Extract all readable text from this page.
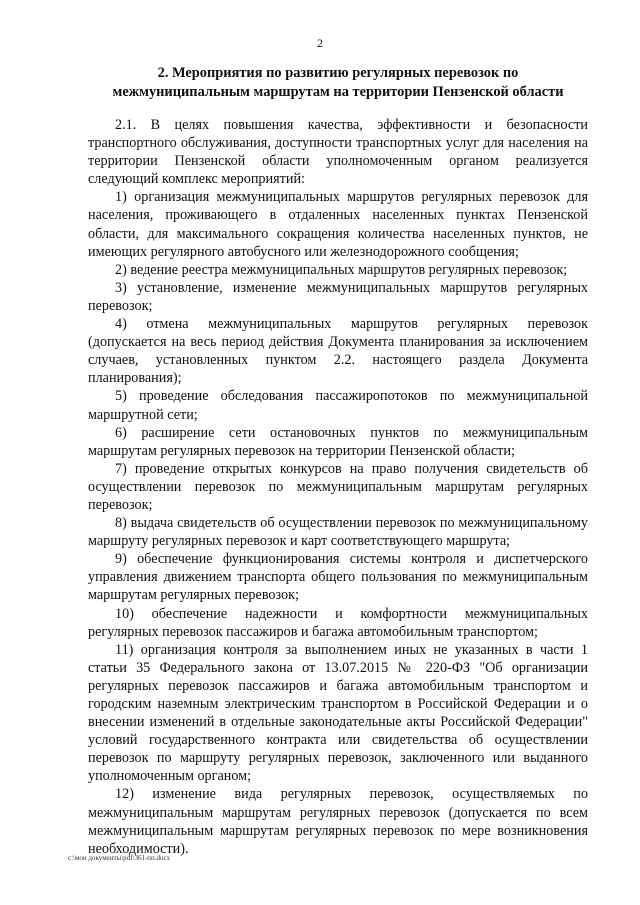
2
2. Мероприятия по развитию регулярных перевозок по
межмуниципальным маршрутам на территории Пензенской области

2.1. В целях повышения качества, эффективности и безопасности транспортного обслуживания, доступности транспортных услуг для населения на территории Пензенской области уполномоченным органом реализуется следующий комплекс мероприятий:

1) организация межмуниципальных маршрутов регулярных перевозок для населения, проживающего в отдаленных населенных пунктах Пензенской области, для максимального сокращения количества населенных пунктов, не имеющих регулярного автобусного или железнодорожного сообщения;

2) ведение реестра межмуниципальных маршрутов регулярных перевозок;

3) установление, изменение межмуниципальных маршрутов регулярных перевозок;

4) отмена межмуниципальных маршрутов регулярных перевозок (допускается на весь период действия Документа планирования за исключением случаев, установленных пунктом 2.2. настоящего раздела Документа планирования);

5) проведение обследования пассажиропотоков по межмуниципальной маршрутной сети;

6) расширение сети остановочных пунктов по межмуниципальным маршрутам регулярных перевозок на территории Пензенской области;

7) проведение открытых конкурсов на право получения свидетельств об осуществлении перевозок по межмуниципальным маршрутам регулярных перевозок;

8) выдача свидетельств об осуществлении перевозок по межмуниципальному маршруту регулярных перевозок и карт соответствующего маршрута;

9) обеспечение функционирования системы контроля и диспетчерского управления движением транспорта общего пользования по межмуниципальным маршрутам регулярных перевозок;

10) обеспечение надежности и комфортности межмуниципальных регулярных перевозок пассажиров и багажа автомобильным транспортом;

11) организация контроля за выполнением иных не указанных в части 1 статьи 35 Федерального закона от 13.07.2015 № 220-ФЗ "Об организации регулярных перевозок пассажиров и багажа автомобильным транспортом и городским наземным электрическим транспортом в Российской Федерации и о внесении изменений в отдельные законодательные акты Российской Федерации" условий государственного контракта или свидетельства об осуществлении перевозок по маршруту регулярных перевозок, заключенного или выданного уполномоченным органом;

12) изменение вида регулярных перевозок, осуществляемых по межмуниципальным маршрутам регулярных перевозок (допускается по всем межмуниципальным маршрутам регулярных перевозок по мере возникновения необходимости).

c:\мои документы\pdf\361-пп.docx
